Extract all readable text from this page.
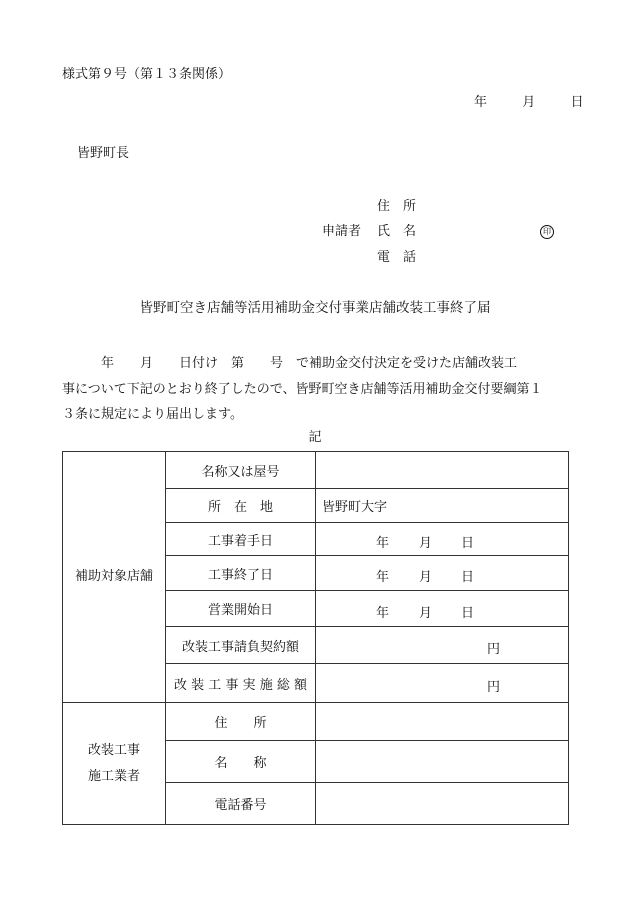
様式第９号（第１３条関係）
年	月	日
皆野町長
住　所
申請者 氏　名	印
電　話
皆野町空き店舗等活用補助金交付事業店舗改装工事終了届

　　　年　　月　　日付け　第　　号　で補助金交付決定を受けた店舗改装工

事について下記のとおり終了したので、皆野町空き店舗等活用補助金交付要綱第１

３条に規定により届出します。

記
補助対象店舗	名称又は屋号	
	所　在　地	皆野町大字
	工事着手日	年 月 日

	工事終了日	年 月 日

	営業開始日	年 月 日

	改装工事請負契約額	円

	改 装 工 事 実 施 総 額	円

改装工事
施工業者	住　　所	
	名　　称	
	電話番号	
